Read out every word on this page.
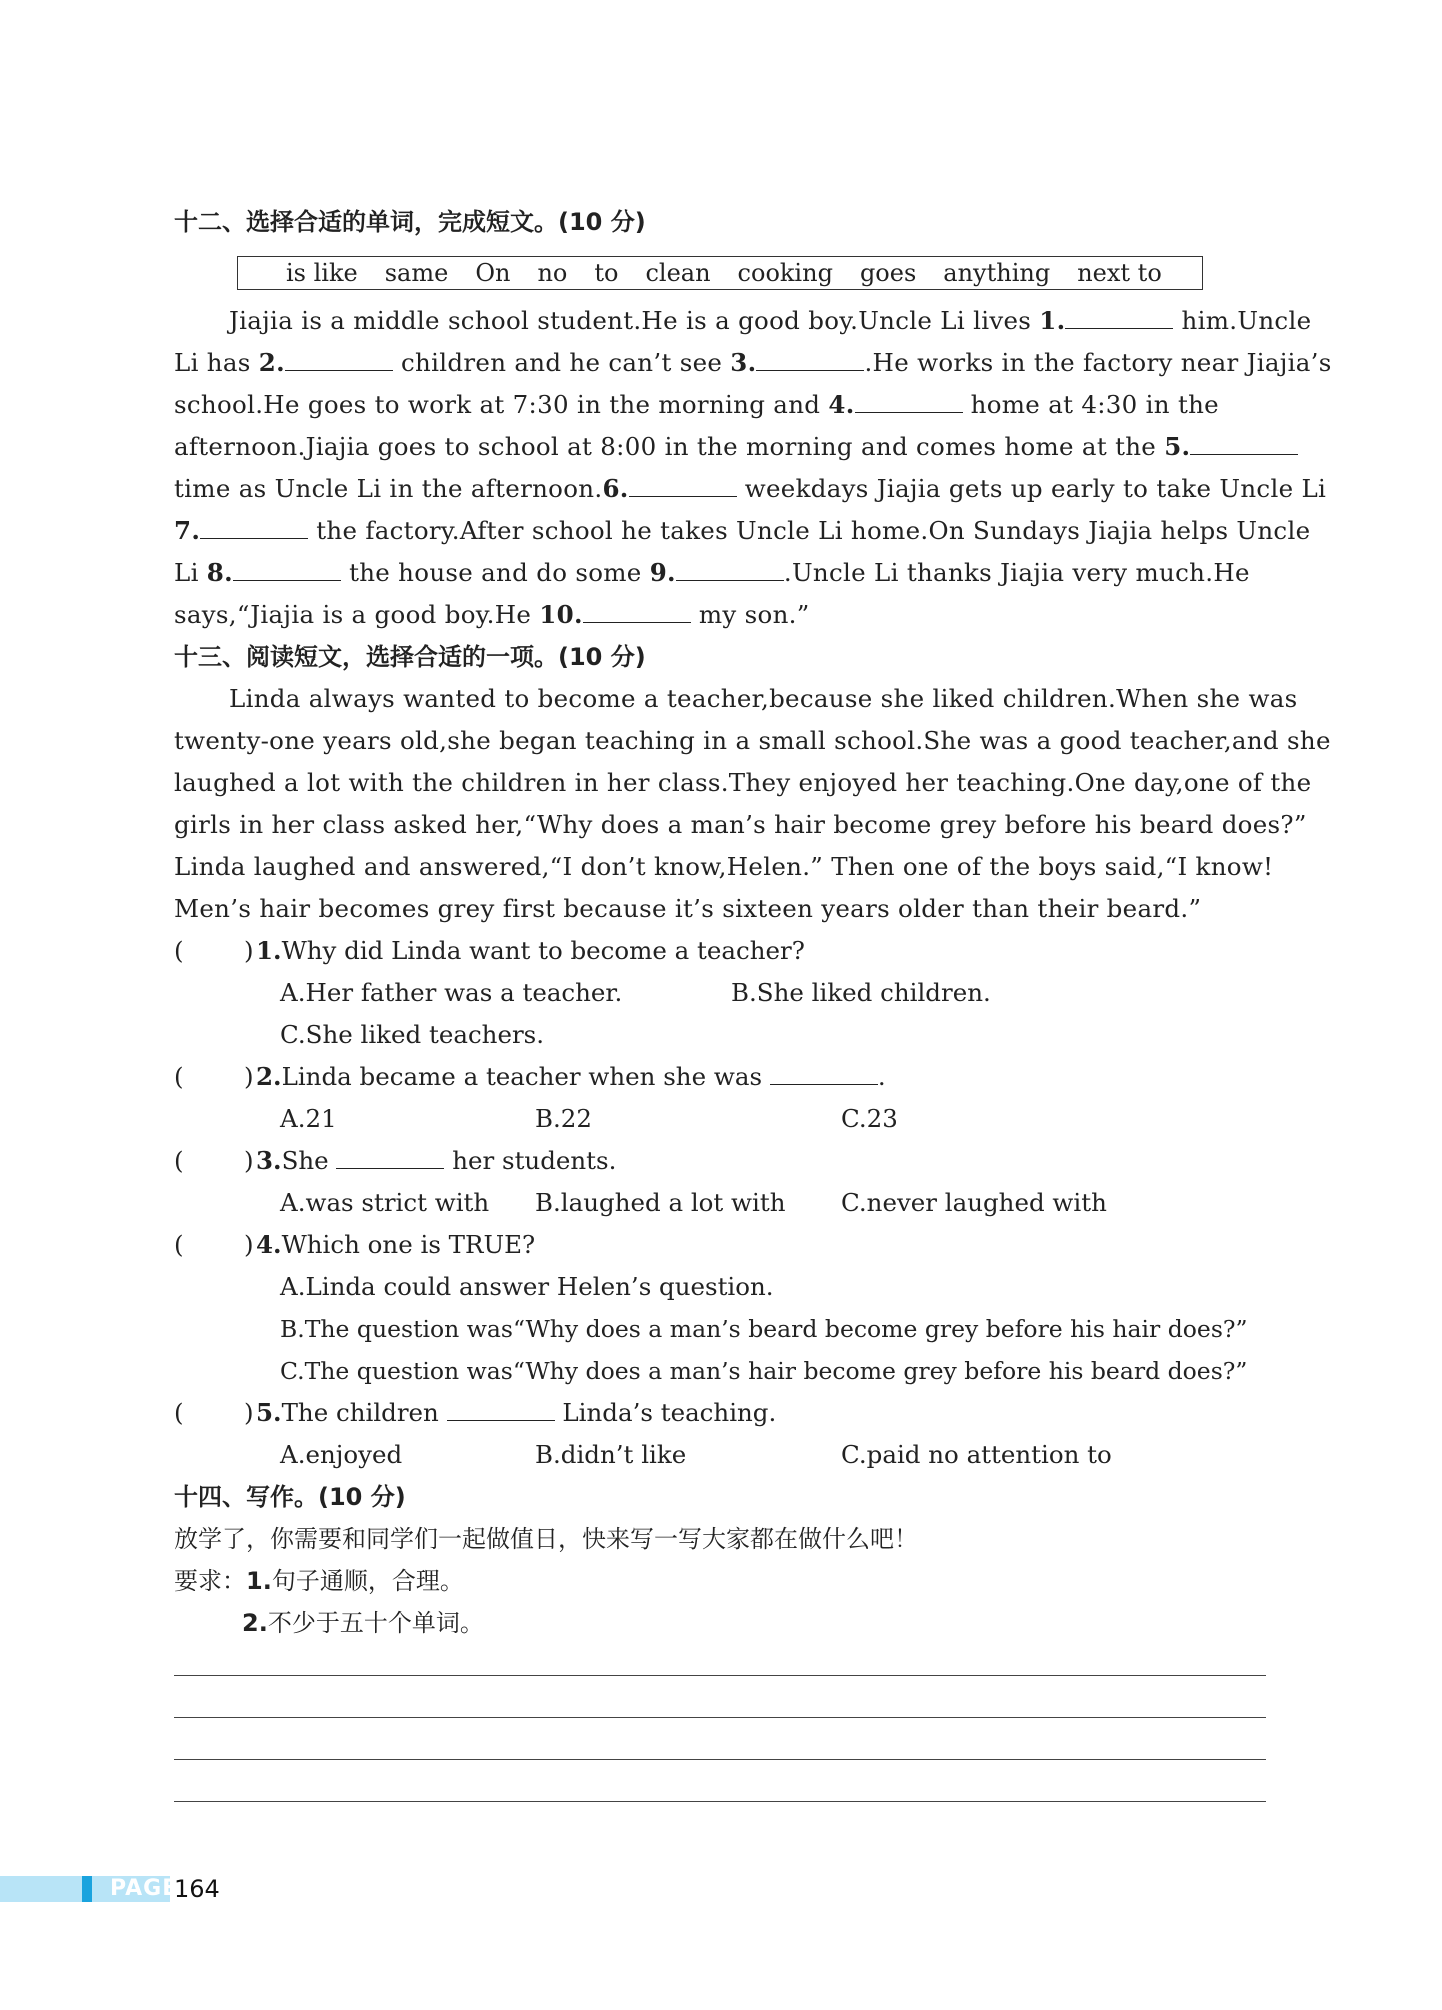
十二、选择合适的单词，完成短文。(10 分)
is like same On no to clean cooking goes anything next to
Jiajia is a middle school student.He is a good boy.Uncle Li lives 1.	him.Uncle
Li has 2.	children and he can’t see 3.	.He works in the factory near Jiajia’s
school.He goes to work at 7:30 in the morning and 4.	home at 4:30 in the
afternoon.Jiajia goes to school at 8:00 in the morning and comes home at the 5.
time as Uncle Li in the afternoon.6.	weekdays Jiajia gets up early to take Uncle Li
7.	the factory.After school he takes Uncle Li home.On Sundays Jiajia helps Uncle
Li 8.	the house and do some 9.	.Uncle Li thanks Jiajia very much.He
says,“Jiajia is a good boy.He 10.	my son.”
十三、阅读短文，选择合适的一项。(10 分)
Linda always wanted to become a teacher,because she liked children.When she was
twenty-one years old,she began teaching in a small school.She was a good teacher,and she
laughed a lot with the children in her class.They enjoyed her teaching.One day,one of the
girls in her class asked her,“Why does a man’s hair become grey before his beard does?”
Linda laughed and answered,“I don’t know,Helen.” Then one of the boys said,“I know!
Men’s hair becomes grey first because it’s sixteen years older than their beard.”
( ) 1.Why did Linda want to become a teacher?
A.Her father was a teacher.	B.She liked children.
C.She liked teachers.
( ) 2.Linda became a teacher when she was	.
A.21	B.22	C.23
( ) 3.She	her students.
A.was strict with B.laughed a lot with C.never laughed with
( ) 4.Which one is TRUE?
A.Linda could answer Helen’s question.
B.The question was“Why does a man’s beard become grey before his hair does?”
C.The question was“Why does a man’s hair become grey before his beard does?”
( ) 5.The children	Linda’s teaching.
A.enjoyed	B.didn’t like	C.paid no attention to
十四、写作。(10 分)
放学了，你需要和同学们一起做值日，快来写一写大家都在做什么吧！
要求：1.句子通顺，合理。
2.不少于五十个单词。
PAGE
164
